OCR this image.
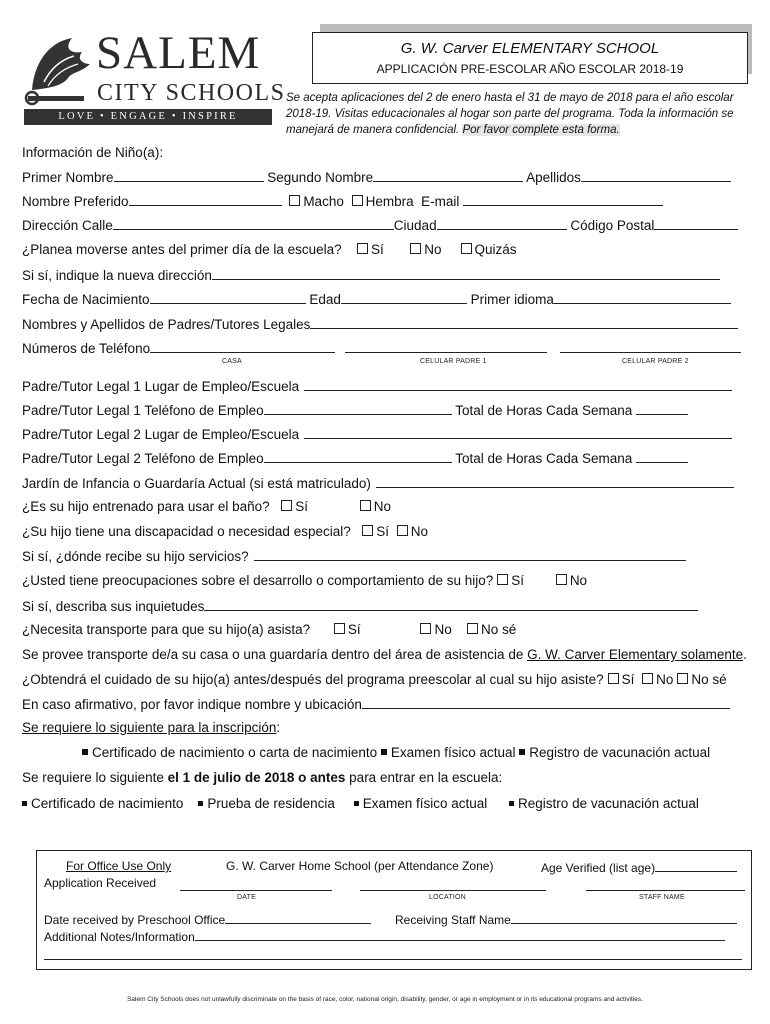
SALEM
CITY SCHOOLS
LOVE • ENGAGE • INSPIRE
G. W. Carver ELEMENTARY SCHOOL
APPLICACIÓN PRE-ESCOLAR AÑO ESCOLAR 2018-19
Se acepta aplicaciones del 2 de enero hasta el 31 de mayo de 2018 para el año escolar 2018-19. Visitas educacionales al hogar son parte del programa. Toda la información se manejará de manera confidencial. Por favor complete esta forma.
Información de Niño(a):
Primer Nombre	Segundo Nombre	Apellidos
Nombre Preferido	Macho Hembra E-mail
Dirección Calle	Ciudad	Código Postal
¿Planea moverse antes del primer día de la escuela? Sí	No Quizás
Si sí, indique la nueva dirección
Fecha de Nacimiento	Edad	Primer idioma
Nombres y Apellidos de Padres/Tutores Legales
Números de Teléfono
CASA	CELULAR PADRE 1	CELULAR PADRE 2
Padre/Tutor Legal 1 Lugar de Empleo/Escuela
Padre/Tutor Legal 1 Teléfono de Empleo	Total de Horas Cada Semana
Padre/Tutor Legal 2 Lugar de Empleo/Escuela
Padre/Tutor Legal 2 Teléfono de Empleo	Total de Horas Cada Semana
Jardín de Infancia o Guardaría Actual (si está matriculado)
¿Es su hijo entrenado para usar el baño? Sí	No
¿Su hijo tiene una discapacidad o necesidad especial? Sí No
Si sí, ¿dónde recibe su hijo servicios?
¿Usted tiene preocupaciones sobre el desarrollo o comportamiento de su hijo? Sí	No
Si sí, describa sus inquietudes
¿Necesita transporte para que su hijo(a) asista?	Sí	No No sé
Se provee transporte de/a su casa o una guardaría dentro del área de asistencia de G. W. Carver Elementary solamente.
¿Obtendrá el cuidado de su hijo(a) antes/después del programa preescolar al cual su hijo asiste? Sí No No sé
En caso afirmativo, por favor indique nombre y ubicación
Se requiere lo siguiente para la inscripción:
Certificado de nacimiento o carta de nacimiento Examen físico actual Registro de vacunación actual
Se requiere lo siguiente el 1 de julio de 2018 o antes para entrar en la escuela:
Certificado de nacimiento Prueba de residencia Examen físico actual Registro de vacunación actual
For Office Use Only	G. W. Carver Home School (per Attendance Zone)	Age Verified (list age)
Application Received
DATE	LOCATION	STAFF NAME
Date received by Preschool Office	Receiving Staff Name
Additional Notes/Information
Salem City Schools does not unlawfully discriminate on the basis of race, color, national origin, disability, gender, or age in employment or in its educational programs and activities.
